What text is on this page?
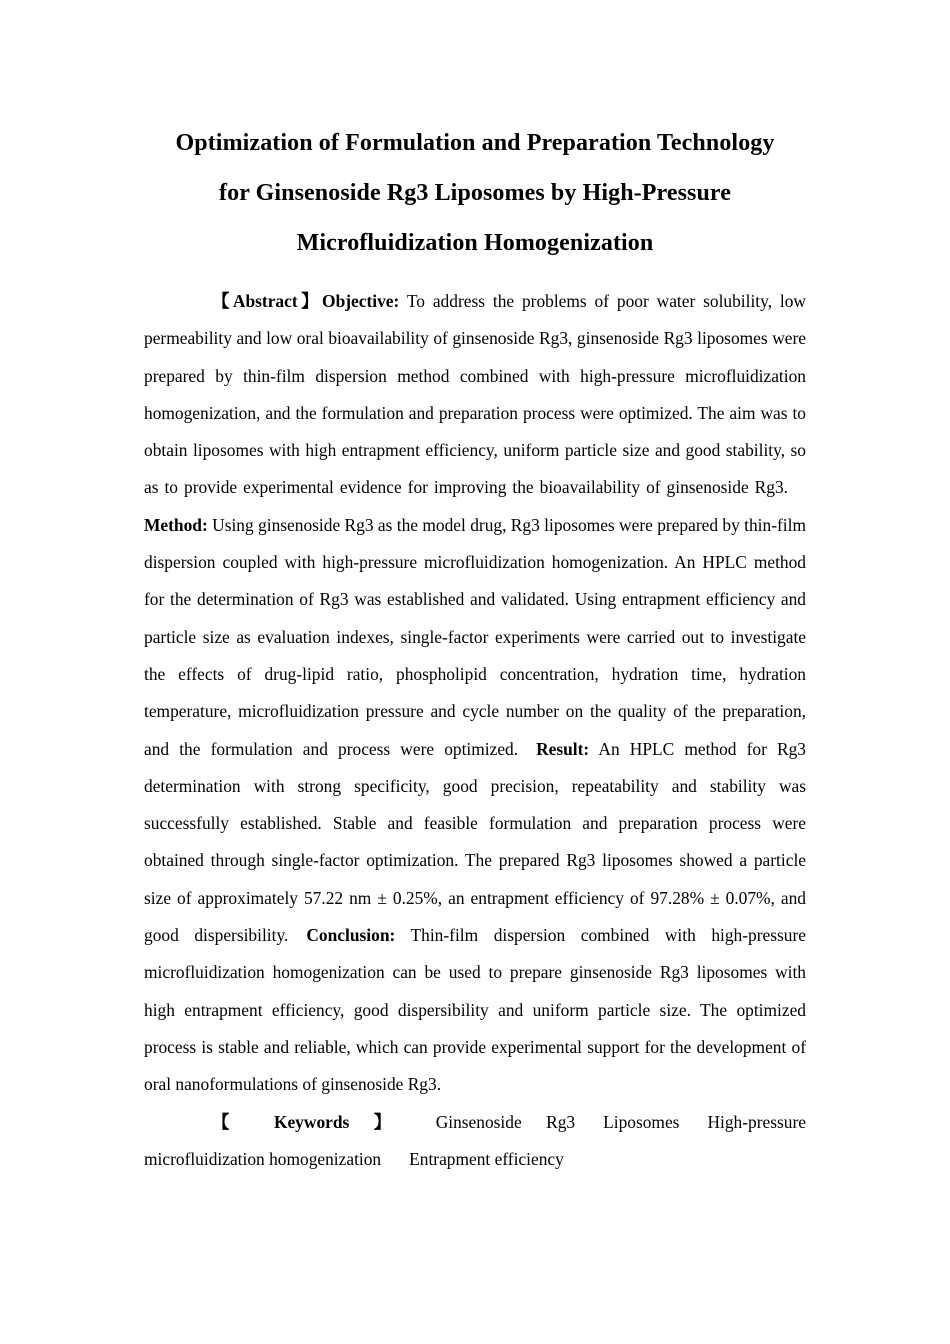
Optimization of Formulation and Preparation Technology
for Ginsenoside Rg3 Liposomes by High-Pressure
Microfluidization Homogenization

【Abstract】Objective: To address the problems of poor water solubility, low permeability and low oral bioavailability of ginsenoside Rg3, ginsenoside Rg3 liposomes were prepared by thin-film dispersion method combined with high-pressure microfluidization homogenization, and the formulation and preparation process were optimized. The aim was to obtain liposomes with high entrapment efficiency, uniform particle size and good stability, so as to provide experimental evidence for improving the bioavailability of ginsenoside Rg3.Method: Using ginsenoside Rg3 as the model drug, Rg3 liposomes were prepared by thin-film dispersion coupled with high-pressure microfluidization homogenization. An HPLC method for the determination of Rg3 was established and validated. Using entrapment efficiency and particle size as evaluation indexes, single-factor experiments were carried out to investigate the effects of drug-lipid ratio, phospholipid concentration, hydration time, hydration temperature, microfluidization pressure and cycle number on the quality of the preparation, and the formulation and process were optimized. Result: An HPLC method for Rg3 determination with strong specificity, good precision, repeatability and stability was successfully established. Stable and feasible formulation and preparation process were obtained through single-factor optimization. The prepared Rg3 liposomes showed a particle size of approximately 57.22 nm ± 0.25%, an entrapment efficiency of 97.28% ± 0.07%, and good dispersibility. Conclusion: Thin-film dispersion combined with high-pressure microfluidization homogenization can be used to prepare ginsenoside Rg3 liposomes with high entrapment efficiency, good dispersibility and uniform particle size. The optimized process is stable and reliable, which can provide experimental support for the development of oral nanoformulations of ginsenoside Rg3.

【 Keywords 】 Ginsenoside Rg3 Liposomes High-pressure microfluidization homogenization Entrapment efficiency
